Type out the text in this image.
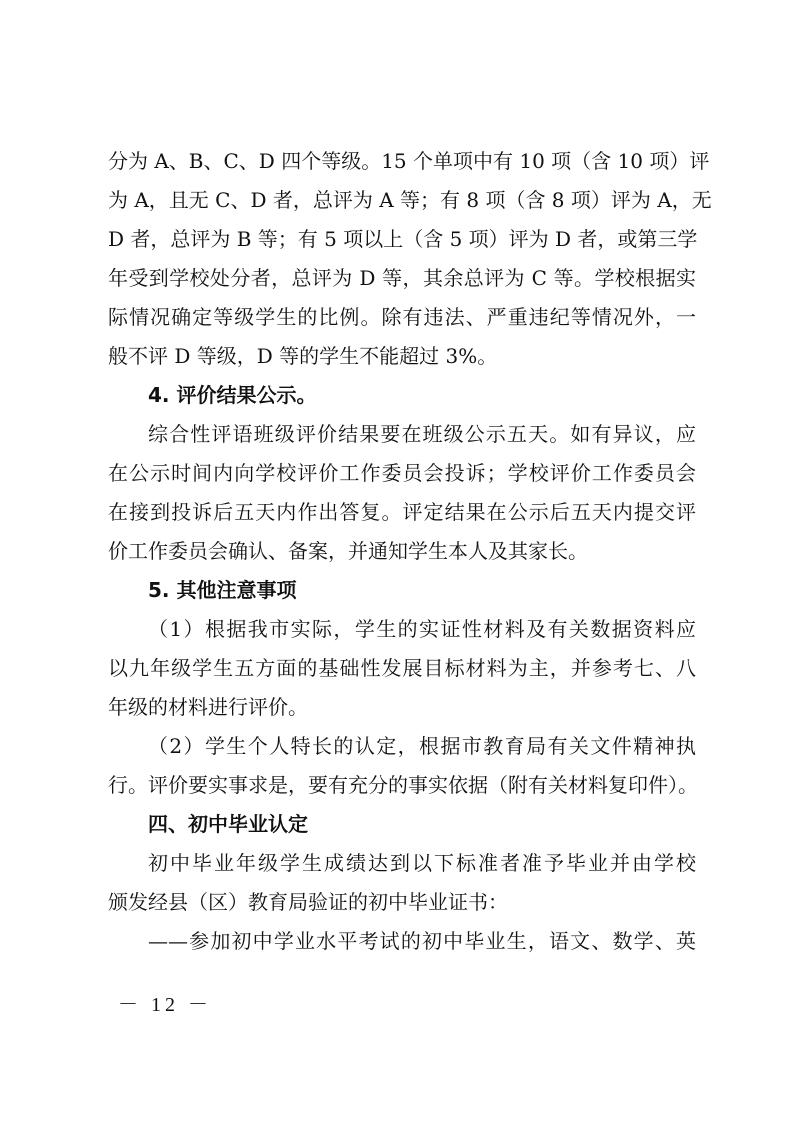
分为 A、B、C、D 四个等级。15 个单项中有 10 项（含 10 项）评
为 A，且无 C、D 者，总评为 A 等；有 8 项（含 8 项）评为 A，无
D 者，总评为 B 等；有 5 项以上（含 5 项）评为 D 者，或第三学
年受到学校处分者，总评为 D 等，其余总评为 C 等。学校根据实
际情况确定等级学生的比例。除有违法、严重违纪等情况外，一
般不评 D 等级，D 等的学生不能超过 3%。
4. 评价结果公示。
综合性评语班级评价结果要在班级公示五天。如有异议，应
在公示时间内向学校评价工作委员会投诉；学校评价工作委员会
在接到投诉后五天内作出答复。评定结果在公示后五天内提交评
价工作委员会确认、备案，并通知学生本人及其家长。
5. 其他注意事项
（1）根据我市实际，学生的实证性材料及有关数据资料应
以九年级学生五方面的基础性发展目标材料为主，并参考七、八
年级的材料进行评价。
（2）学生个人特长的认定，根据市教育局有关文件精神执
行。评价要实事求是，要有充分的事实依据（附有关材料复印件）。
四、初中毕业认定
初中毕业年级学生成绩达到以下标准者准予毕业并由学校
颁发经县（区）教育局验证的初中毕业证书：
——参加初中学业水平考试的初中毕业生，语文、数学、英
－ 12 －
